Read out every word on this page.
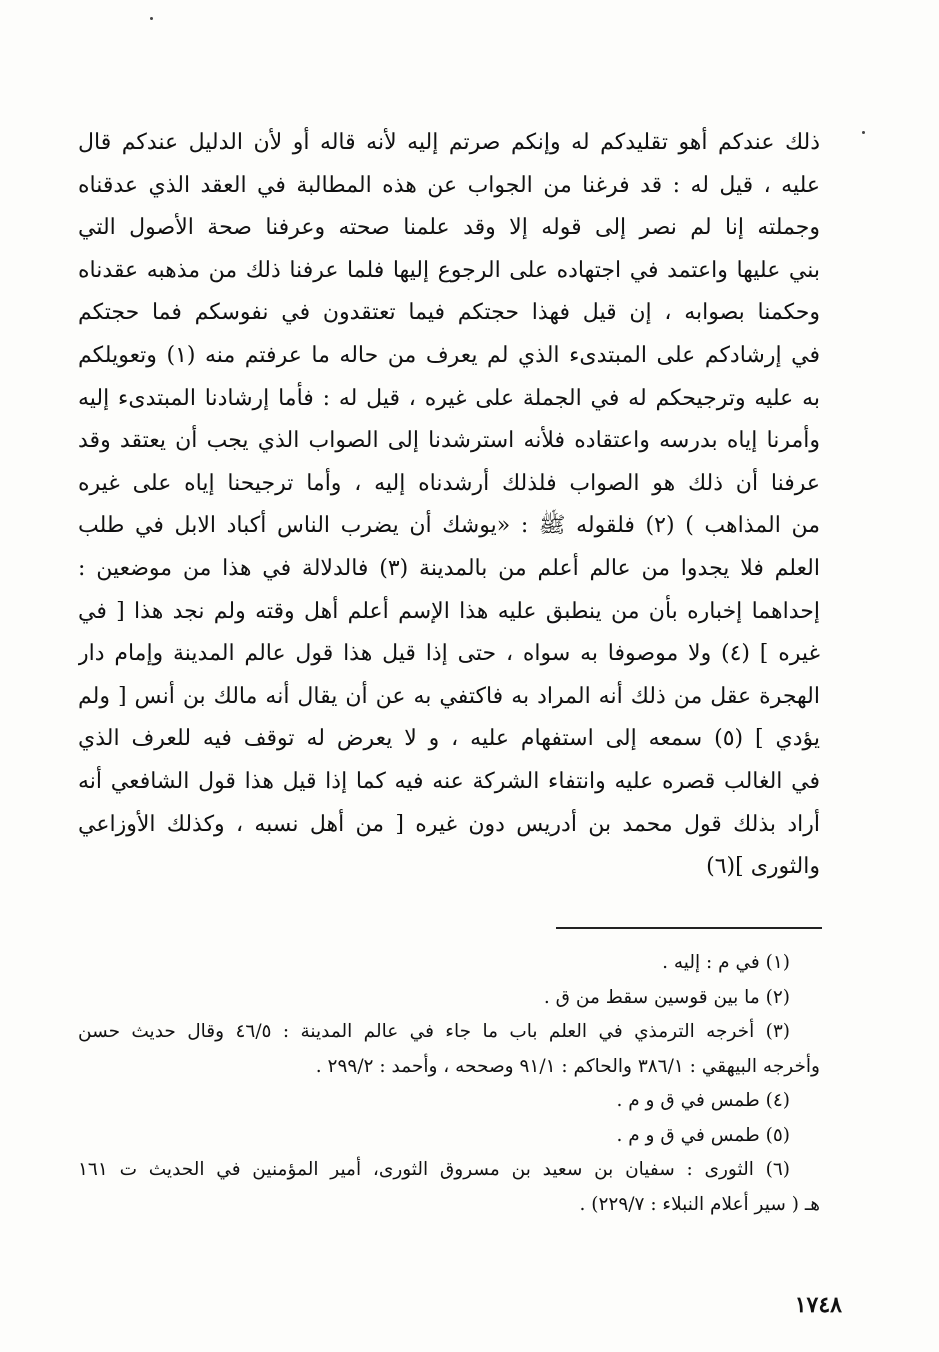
ذلك عندكم أهو تقليدكم له وإنكم صرتم إليه لأنه قاله أو لأن الدليل عندكم قال
عليه ، قيل له : قد فرغنا من الجواب عن هذه المطالبة في العقد الذي عدقناه
وجملته إنا لم نصر إلى قوله إلا وقد علمنا صحته وعرفنا صحة الأصول التي
بني عليها واعتمد في اجتهاده على الرجوع إليها فلما عرفنا ذلك من مذهبه عقدناه
وحكمنا بصوابه ، إن قيل فهذا حجتكم فيما تعتقدون في نفوسكم فما حجتكم
في إرشادكم على المبتدىء الذي لم يعرف من حاله ما عرفتم منه (١) وتعويلكم
به عليه وترجيحكم له في الجملة على غيره ، قيل له : فأما إرشادنا المبتدىء إليه
وأمرنا إياه بدرسه واعتقاده فلأنه استرشدنا إلى الصواب الذي يجب أن يعتقد وقد
عرفنا أن ذلك هو الصواب فلذلك أرشدناه إليه ، وأما ترجيحنا إياه على غيره
من المذاهب ) (٢) فلقوله ﷺ : «يوشك أن يضرب الناس أكباد الابل في طلب
العلم فلا يجدوا من عالم أعلم من بالمدينة (٣) فالدلالة في هذا من موضعين :
إحداهما إخباره بأن من ينطبق عليه هذا الإسم أعلم أهل وقته ولم نجد هذا [ في
غيره ] (٤) ولا موصوفا به سواه ، حتى إذا قيل هذا قول عالم المدينة وإمام دار
الهجرة عقل من ذلك أنه المراد به فاكتفي به عن أن يقال أنه مالك بن أنس [ ولم
يؤدي ] (٥) سمعه إلى استفهام عليه ، و لا يعرض له توقف فيه للعرف الذي
في الغالب قصره عليه وانتفاء الشركة عنه فيه كما إذا قيل هذا قول الشافعي أنه
أراد بذلك قول محمد بن أدريس دون غيره [ من أهل نسبه ، وكذلك الأوزاعي
والثورى ](٦)
(١) في م : إليه .
(٢) ما بين قوسين سقط من ق .
(٣) أخرجه الترمذي في العلم باب ما جاء في عالم المدينة : ٤٦/٥ وقال حديث حسن
وأخرجه البيهقي : ٣٨٦/١ والحاكم : ٩١/١ وصححه ، وأحمد : ٢٩٩/٢ .
(٤) طمس في ق و م .
(٥) طمس في ق و م .
(٦) الثورى : سفيان بن سعيد بن مسروق الثورى، أمير المؤمنين في الحديث ت ١٦١
هـ ( سير أعلام النبلاء : ٢٢٩/٧) .
١٧٤٨
